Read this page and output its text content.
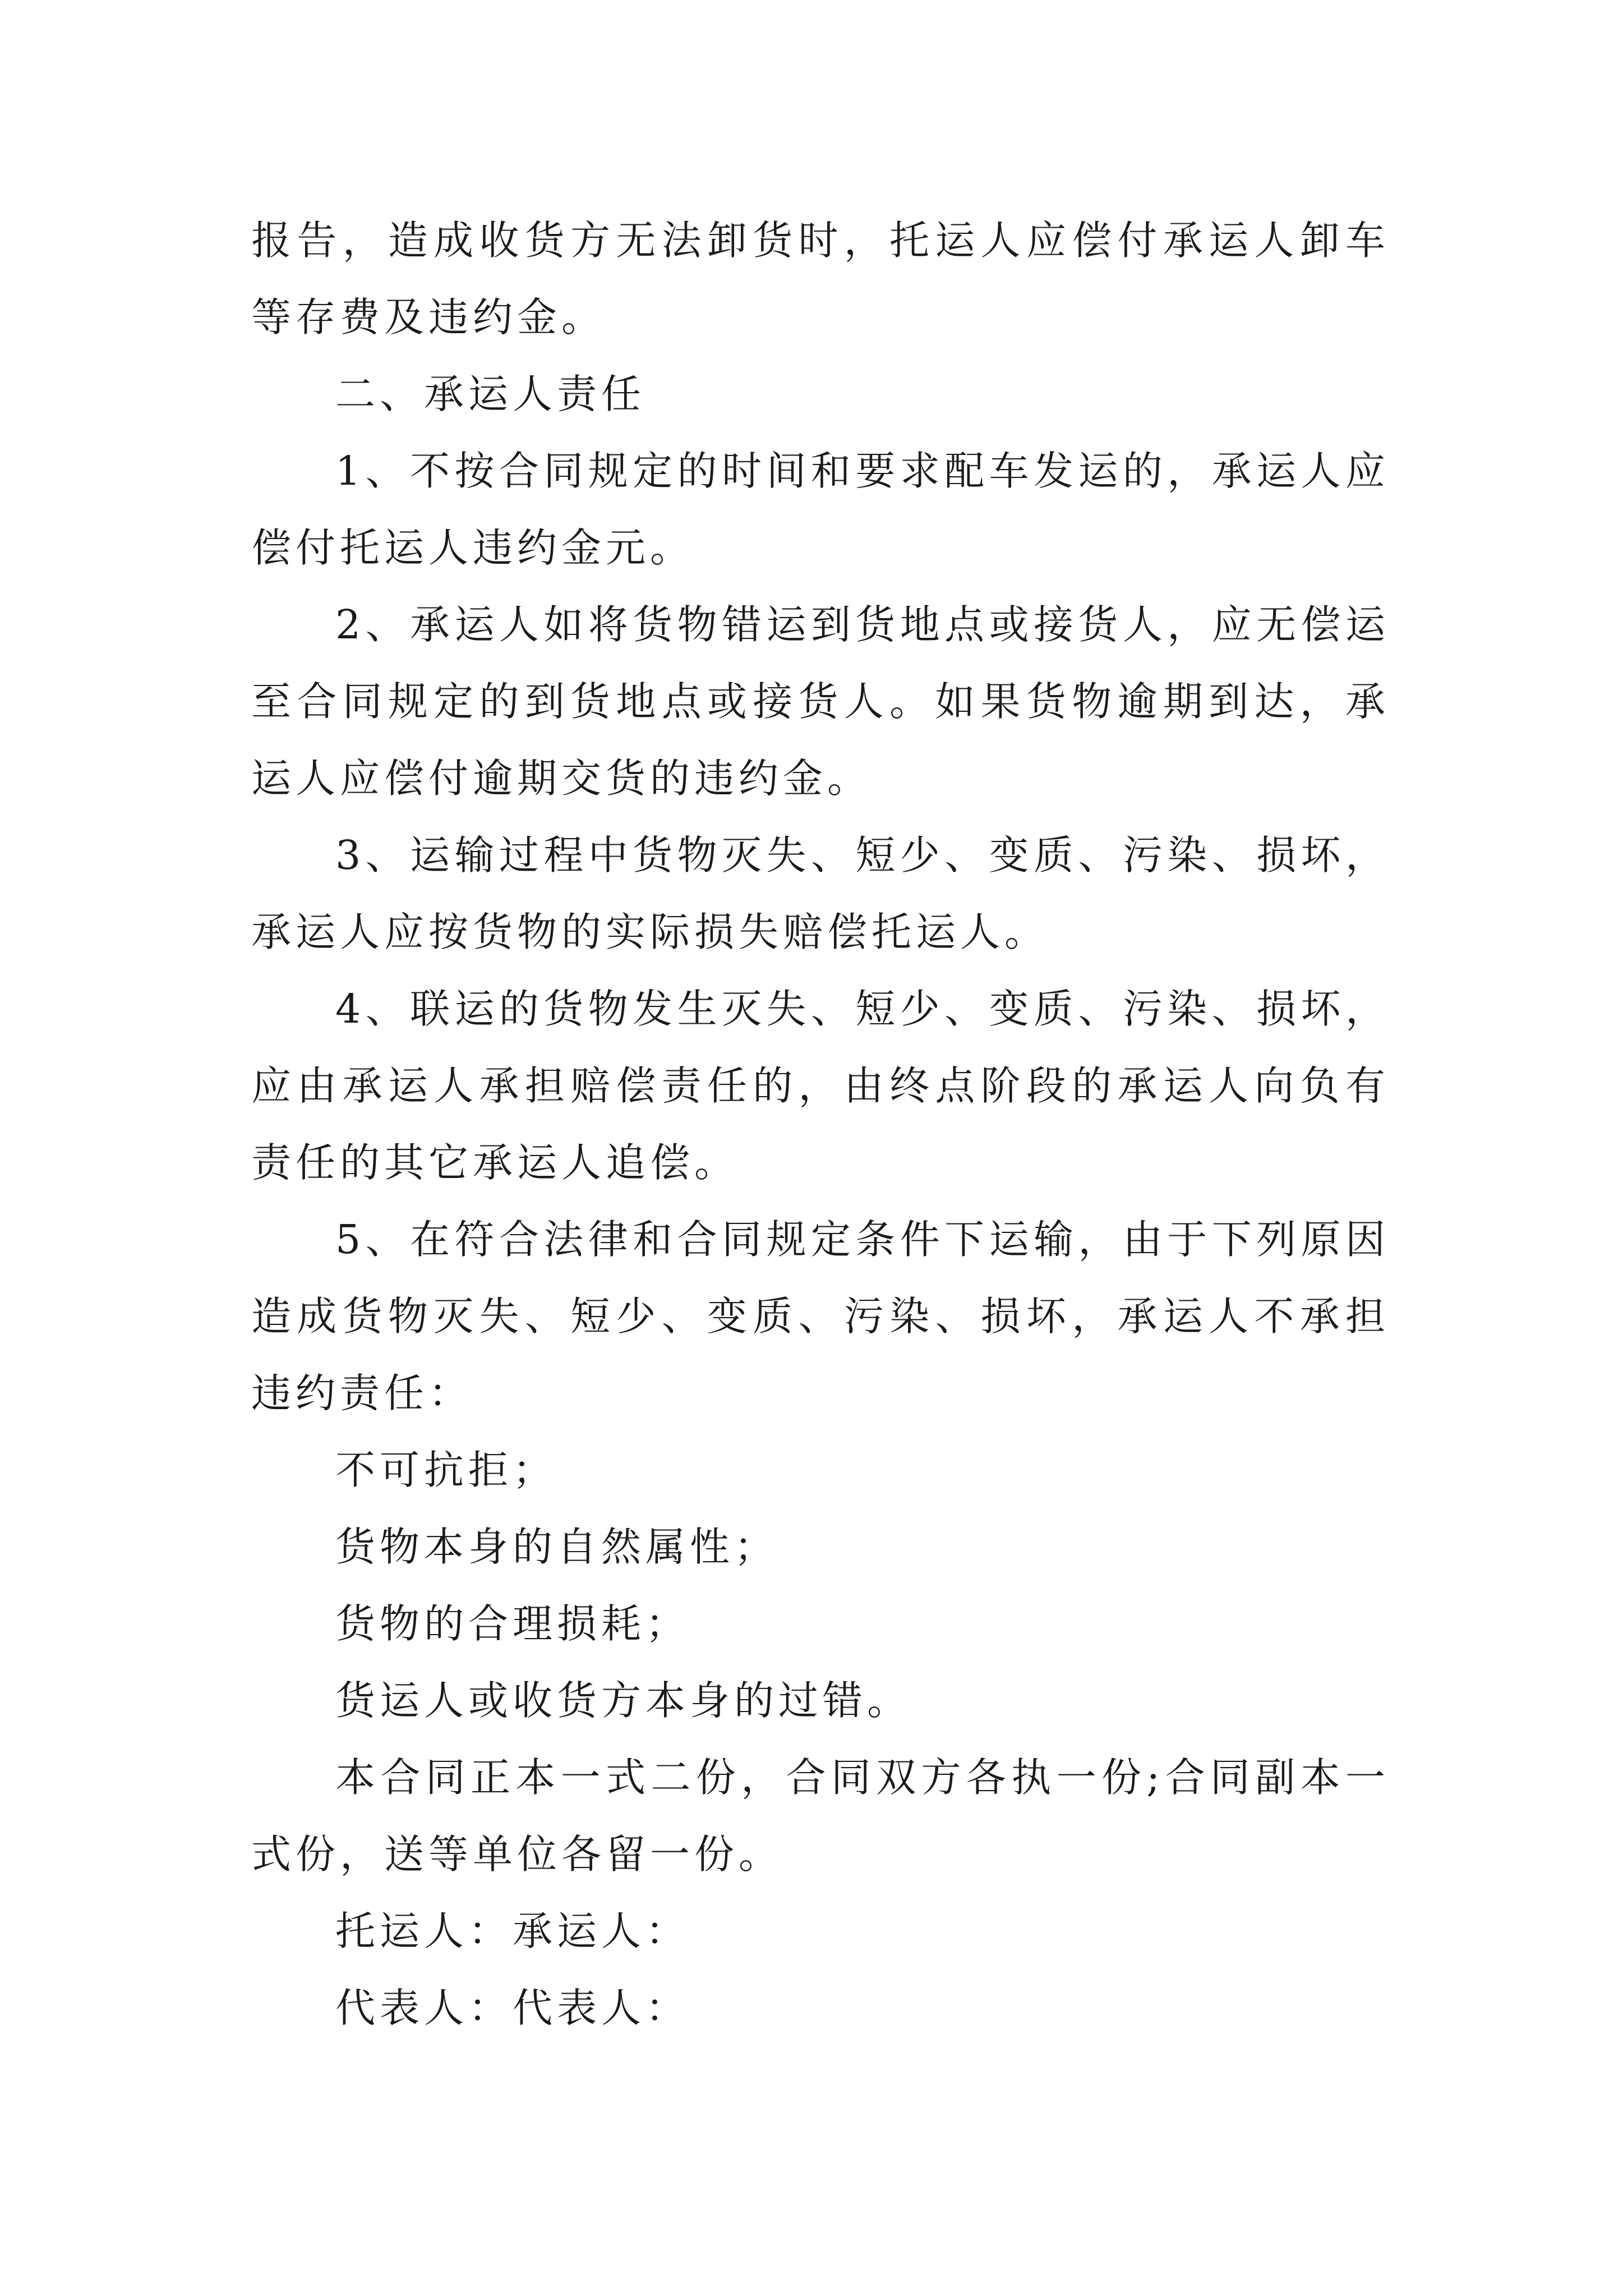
报告，造成收货方无法卸货时，托运人应偿付承运人卸车等存费及违约金。

二、承运人责任

1、不按合同规定的时间和要求配车发运的，承运人应偿付托运人违约金元。

2、承运人如将货物错运到货地点或接货人，应无偿运至合同规定的到货地点或接货人。如果货物逾期到达，承运人应偿付逾期交货的违约金。

3、运输过程中货物灭失、短少、变质、污染、损坏，承运人应按货物的实际损失赔偿托运人。

4、联运的货物发生灭失、短少、变质、污染、损坏，应由承运人承担赔偿责任的，由终点阶段的承运人向负有责任的其它承运人追偿。

5、在符合法律和合同规定条件下运输，由于下列原因造成货物灭失、短少、变质、污染、损坏，承运人不承担违约责任：

不可抗拒；

货物本身的自然属性；

货物的合理损耗；

货运人或收货方本身的过错。

本合同正本一式二份，合同双方各执一份;合同副本一式份，送等单位各留一份。

托运人：承运人：

代表人：代表人：
